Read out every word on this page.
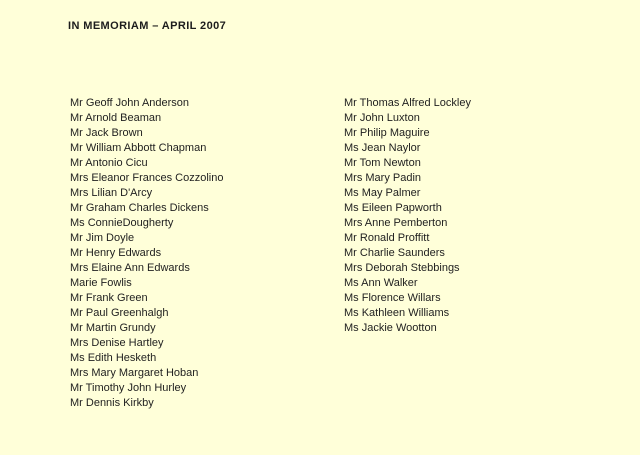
IN MEMORIAM – APRIL 2007
Mr Geoff John Anderson
Mr Arnold Beaman
Mr Jack Brown
Mr William Abbott Chapman
Mr Antonio Cicu
Mrs Eleanor Frances Cozzolino
Mrs Lilian D'Arcy
Mr Graham Charles Dickens
Ms ConnieDougherty
Mr Jim Doyle
Mr Henry Edwards
Mrs Elaine Ann Edwards
Marie Fowlis
Mr Frank Green
Mr Paul Greenhalgh
Mr Martin Grundy
Mrs Denise Hartley
Ms Edith Hesketh
Mrs Mary Margaret Hoban
Mr Timothy John Hurley
Mr Dennis Kirkby
Mr Thomas Alfred Lockley
Mr John Luxton
Mr Philip Maguire
Ms Jean Naylor
Mr Tom Newton
Mrs Mary Padin
Ms May Palmer
Ms Eileen Papworth
Mrs Anne Pemberton
Mr Ronald Proffitt
Mr Charlie Saunders
Mrs Deborah Stebbings
Ms Ann Walker
Ms Florence Willars
Ms Kathleen Williams
Ms Jackie Wootton
